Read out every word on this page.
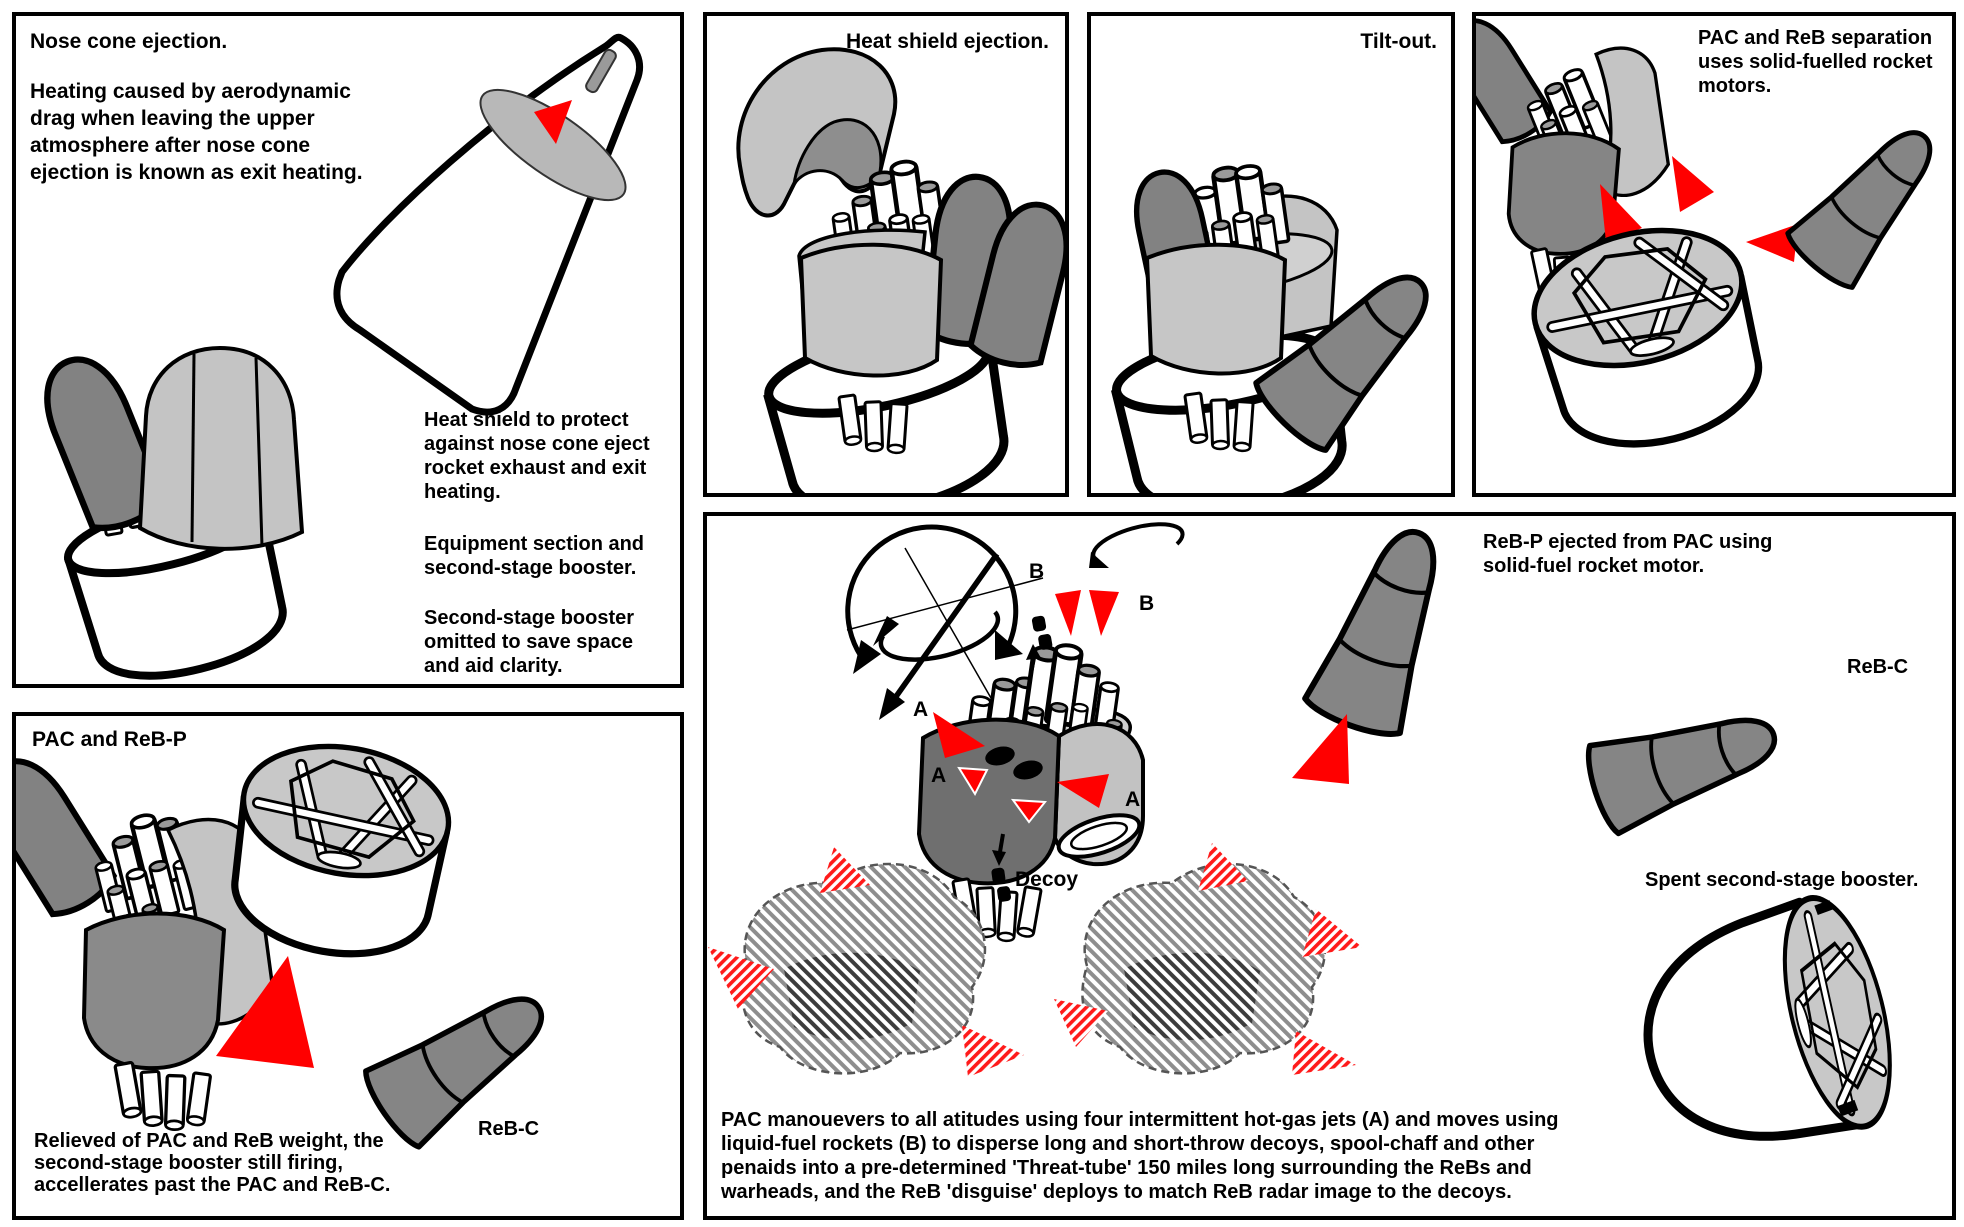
Nose cone ejection.
Heating caused by aerodynamic
drag when leaving the upper
atmosphere after nose cone
ejection is known as exit heating.
Heat shield to protect
against nose cone eject
rocket exhaust and exit
heating.
Equipment section and
second-stage booster.
Second-stage booster
omitted to save space
and aid clarity.
Heat shield ejection.	Tilt-out.	PAC and ReB separation
uses solid-fuelled rocket
motors.
PAC and ReB-P
Relieved of PAC and ReB weight, the
second-stage booster still firing,
accellerates past the PAC and ReB-C.
ReB-C
B
B
A
A
A
Decoy
ReB-P ejected from PAC using
solid-fuel rocket motor.
ReB-C
Spent second-stage booster.
PAC manouevers to all atitudes using four intermittent hot-gas jets (A) and moves using
liquid-fuel rockets (B) to disperse long and short-throw decoys, spool-chaff and other
penaids into a pre-determined 'Threat-tube' 150 miles long surrounding the ReBs and
warheads, and the ReB 'disguise' deploys to match ReB radar image to the decoys.
